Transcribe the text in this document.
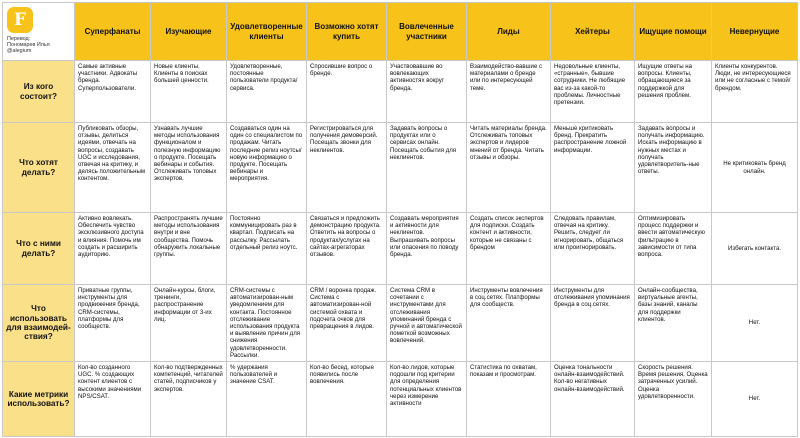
F
Перевод:
Пономарев Илья @alegium	Суперфанаты	Изучающие	Удовлетворенные клиенты	Возможно хотят купить	Вовлеченные участники	Лиды	Хейтеры	Ищущие помощи	Невернущие
Из кого состоит?	Самые активные участники. Адвокаты бренда. Суперпользователи.	Новые клиенты. Клиенты в поисках большей ценности.	Удовлетворенные, постоянные пользователи продукта/сервиса.	Спросившие вопрос о бренде.	Участвовавшие во вовлекающих активностях вокруг бренда.	Взаимодейство-вавшие с материалами о бренде или по интересующей теме.	Недовольные клиенты, «странные», бывшие сотрудники. Не любящие вас из-за какой-то проблемы. Личностные претензии.	Ищущие ответы на вопросы. Клиенты, обращающиеся за поддержкой для решения проблем.	Клиенты конкурентов. Люди, не интересующиеся или не согласные с темой/брендом.
Что хотят делать?	Публиковать обзоры, отзывы, делиться идеями, отвечать на вопросы, создавать UGC и исследования, отвечая на критику, и делясь положительным контентом.	Узнавать лучшие методы использования функционалом и полезную информацию о продукте. Посещать вебинары и события. Отслеживать топовых экспертов.	Создаваться один на один со специалистом по продажам. Читать последние релиз ноутсы/ новую информацию о продукте. Посещать вебинары и мероприятия.	Регистрироваться для получения демоверсий. Посещать звонки для неклиентов.	Задавать вопросы о продуктах или о сервисах онлайн. Посещать события для неклиентов.	Читать материалы бренда. Отслеживать топовых экспертов и лидеров мнений от бренда. Читать отзывы и обзоры.	Меньше критиковать бренд. Прекратить распространение ложной информации.	Задавать вопросы и получать информацию. Искать информацию в нужных местах и получать удовлетворитель-ные ответы.	Не критиковать бренд онлайн.
Что с ними делать?	Активно вовлекать. Обеспечить чувство эксклюзивного доступа и влияния. Помочь им создать и расширить аудиторию.	Распространять лучшие методы использования внутри и вне сообщества. Помочь обнаружить локальные группы.	Постоянно коммуницировать раз в квартал. Подписать на рассылку. Рассылать отдельный релиз ноутс.	Связаться и предложить демонстрацию продукта. Ответить на вопросы о продуктах/услугах на сайтах-агрегаторах отзывов.	Создавать мероприятия и активности для неклиентов. Выпрашивать вопросы или опасения по поводу бренда.	Создать список экспертов для подписки. Создать контент и активности, которые не связаны с брендом	Следовать правилам, отвечая на критику. Решить, следует ли игнорировать, общаться или проигнорировать.	Оптимизировать процесс поддержки и ввести автоматическую фильтрацию в зависимости от типа вопроса.	Избегать контакта.
Что использовать для взаимодей-ствия?	Приватные группы, инструменты для продвижения бренда, CRM-системы, платформы для сообществ.	Онлайн-курсы, блоги, тренинги, распространение информации от 3-их лиц.	CRM-системы с автоматизирован-ным уведомлением для контакта. Постоянное отслеживание использования продукта и выявление причин для снижения удовлетворенности. Рассылки.	CRM / воронка продаж. Система с автоматизирован-ной системой охвата и подсчета очков для превращения в лидов.	Система CRM в сочетании с инструментами для отслеживания упоминаний бренда с ручной и автоматической пометкой возможных вовлечений.	Инструменты вовлечения в соц.сетях. Платформы для сообществ.	Инструменты для отслеживания упоминания бренда в соц.сетях.	Онлайн-сообщества, виртуальные агенты, базы знаний, каналы для поддержки клиентов.	Нет.
Какие метрики использовать?	Кол-во созданного UGC. % создающих контент клиентов с высокими значениями NPS/CSAT.	Кол-во подтвержденных компетенций, читателей статей, подписчиков у экспертов.	% удержания пользователей и значение CSAT.	Кол-во бесед, которые появились после вовлечения.	Кол-во лидов, которые подошли под критерии для определения потенциальных клиентов через измерение активности	Статистика по охватам, показам и просмотрам.	Оценка тональности онлайн-взаимодействий. Кол-во негативных онлайн-взаимодействий.	Скорость решения. Время решения. Оценка затраченных усилий. Оценка удовлетворенности.	Нет.
